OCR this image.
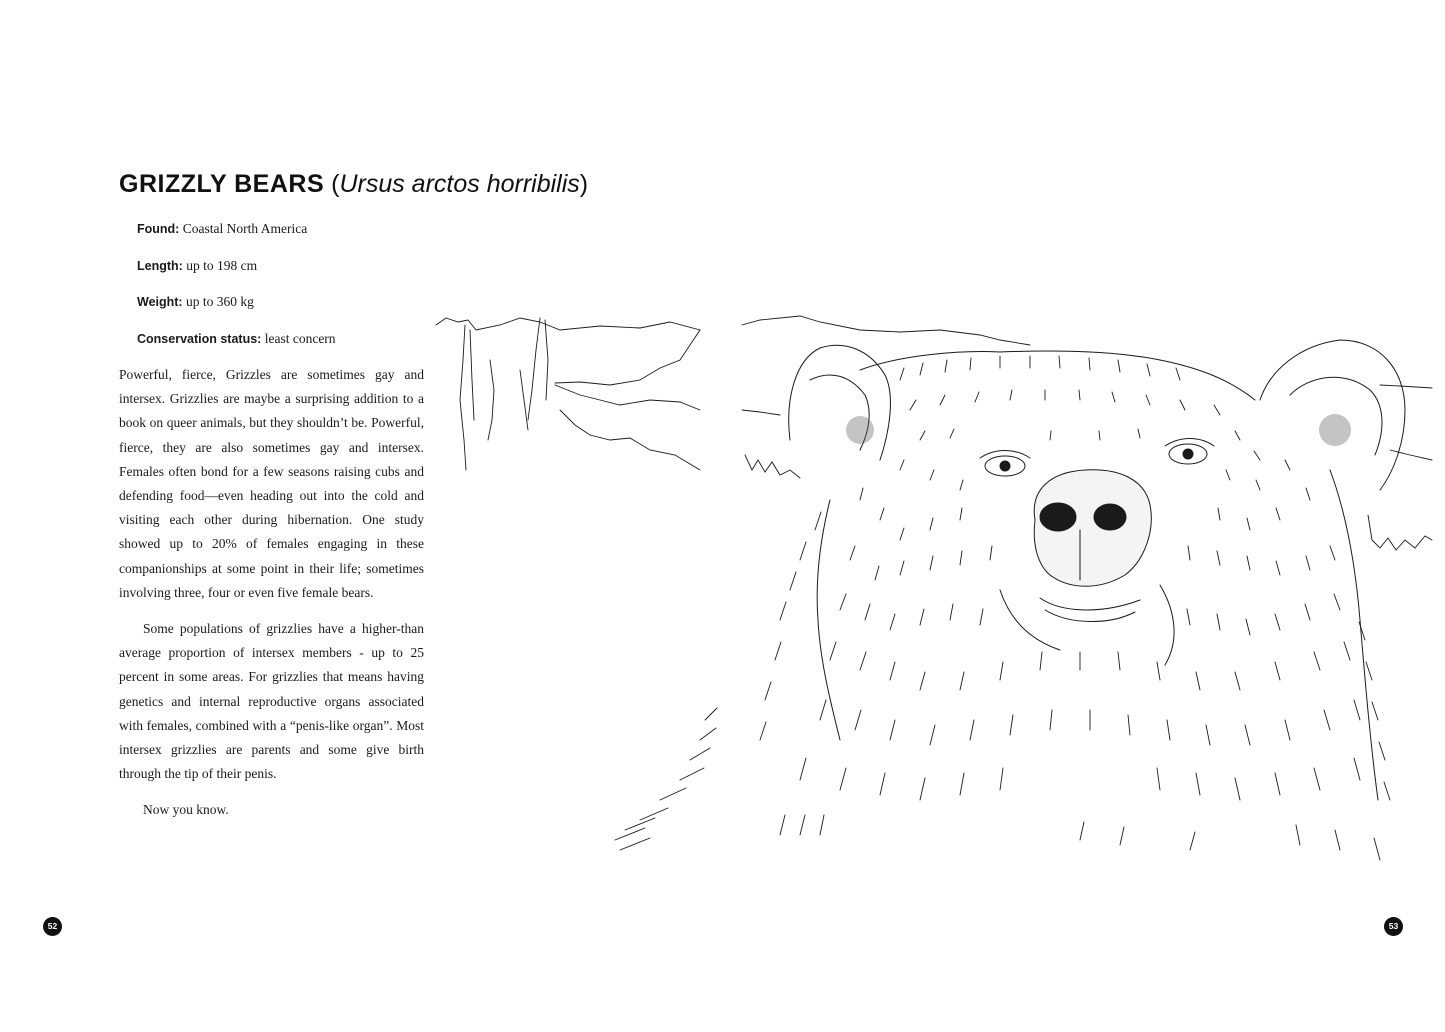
GRIZZLY BEARS (Ursus arctos horribilis)
Found: Coastal North America
Length: up to 198 cm
Weight: up to 360 kg
Conservation status: least concern

Powerful, fierce, Grizzles are sometimes gay and intersex. Grizzlies are maybe a surprising addition to a book on queer animals, but they shouldn’t be. Powerful, fierce, they are also sometimes gay and intersex. Females often bond for a few seasons raising cubs and defending food—even heading out into the cold and visiting each other during hibernation. One study showed up to 20% of females engaging in these companionships at some point in their life; sometimes involving three, four or even five female bears.

Some populations of grizzlies have a higher-than average proportion of intersex members - up to 25 percent in some areas. For grizzlies that means having genetics and internal reproductive organs associated with females, combined with a “penis-like organ”. Most intersex grizzlies are parents and some give birth through the tip of their penis.

Now you know.

52	53
